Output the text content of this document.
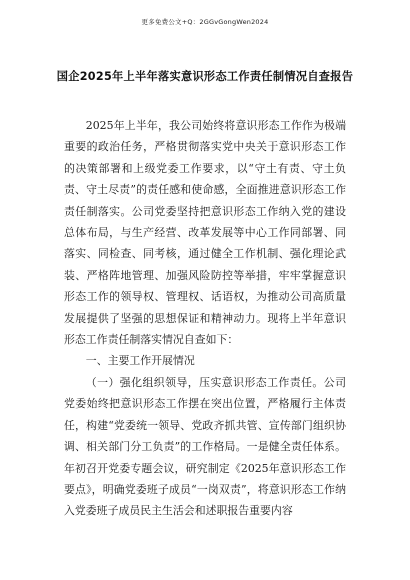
更多免费公文+Q：2GGvGongWen2024
国企2025年上半年落实意识形态工作责任制情况自查报告

2025年上半年，我公司始终将意识形态工作作为极端重要的政治任务，严格贯彻落实党中央关于意识形态工作的决策部署和上级党委工作要求，以“守土有责、守土负责、守土尽责”的责任感和使命感，全面推进意识形态工作责任制落实。公司党委坚持把意识形态工作纳入党的建设总体布局，与生产经营、改革发展等中心工作同部署、同落实、同检查、同考核，通过健全工作机制、强化理论武装、严格阵地管理、加强风险防控等举措，牢牢掌握意识形态工作的领导权、管理权、话语权，为推动公司高质量发展提供了坚强的思想保证和精神动力。现将上半年意识形态工作责任制落实情况自查如下：

一、主要工作开展情况

（一）强化组织领导，压实意识形态工作责任。公司党委始终把意识形态工作摆在突出位置，严格履行主体责任，构建“党委统一领导、党政齐抓共管、宣传部门组织协调、相关部门分工负责”的工作格局。一是健全责任体系。年初召开党委专题会议，研究制定《2025年意识形态工作要点》，明确党委班子成员“一岗双责”，将意识形态工作纳入党委班子成员民主生活会和述职报告重要内容
